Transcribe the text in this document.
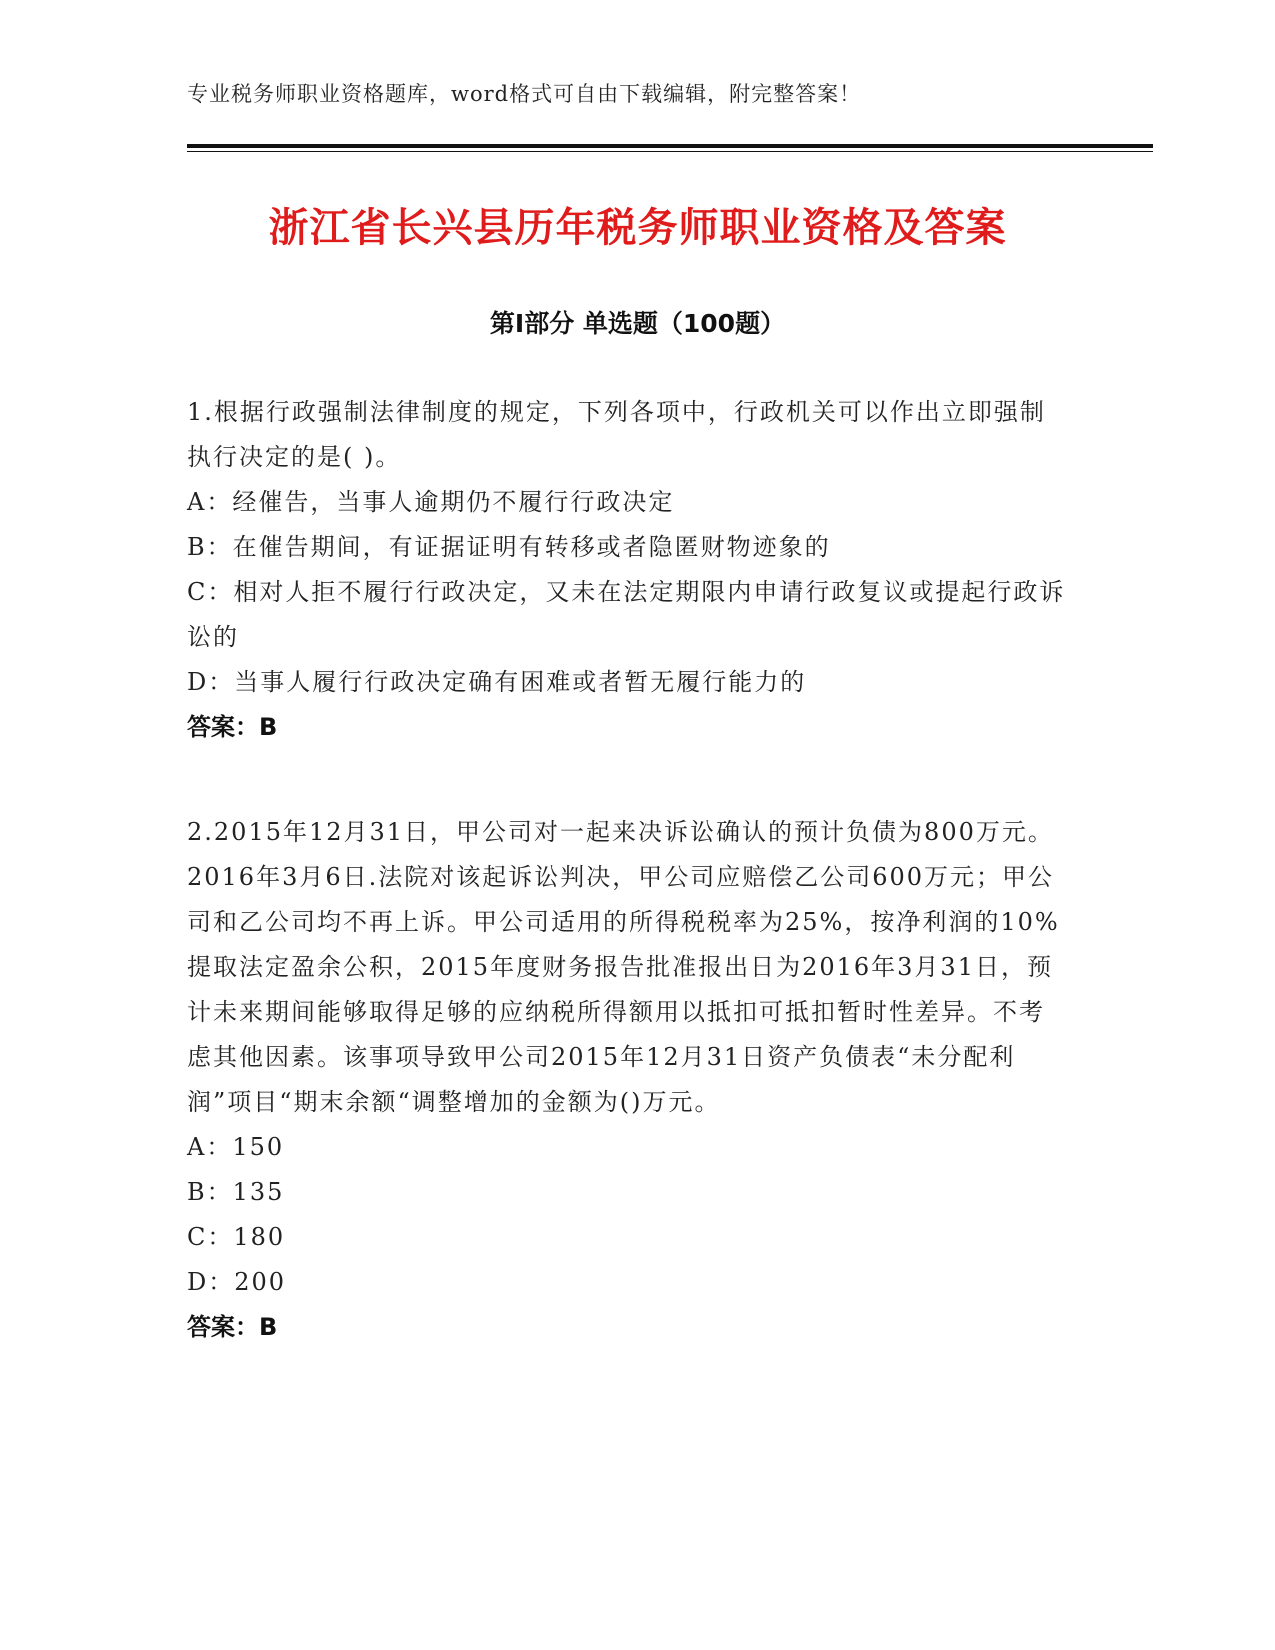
专业税务师职业资格题库，word格式可自由下载编辑，附完整答案！
浙江省长兴县历年税务师职业资格及答案
第I部分 单选题（100题）

1.根据行政强制法律制度的规定，下列各项中，行政机关可以作出立即强制执行决定的是( )。

A：经催告，当事人逾期仍不履行行政决定

B：在催告期间，有证据证明有转移或者隐匿财物迹象的

C：相对人拒不履行行政决定，又未在法定期限内申请行政复议或提起行政诉讼的

D：当事人履行行政决定确有困难或者暂无履行能力的

答案：B

2.2015年12月31日，甲公司对一起来决诉讼确认的预计负债为800万元。2016年3月6日.法院对该起诉讼判决，甲公司应赔偿乙公司600万元；甲公司和乙公司均不再上诉。甲公司适用的所得税税率为25%，按净利润的10%提取法定盈余公积，2015年度财务报告批准报出日为2016年3月31日，预计未来期间能够取得足够的应纳税所得额用以抵扣可抵扣暂时性差异。不考虑其他因素。该事项导致甲公司2015年12月31日资产负债表“未分配利润”项目“期末余额“调整增加的金额为()万元。

A：150

B：135

C：180

D：200

答案：B
